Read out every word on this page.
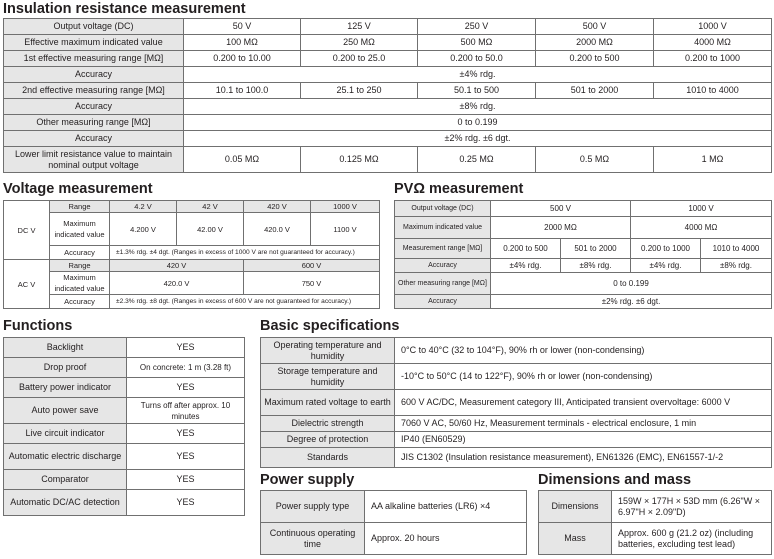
Insulation resistance measurement
Output voltage (DC)	50 V	125 V	250 V	500 V	1000 V
Effective maximum indicated value	100 MΩ	250 MΩ	500 MΩ	2000 MΩ	4000 MΩ
1st effective measuring range [MΩ]	0.200 to 10.00	0.200 to 25.0	0.200 to 50.0	0.200 to 500	0.200 to 1000
Accuracy	±4% rdg.				
2nd effective measuring range [MΩ]	10.1 to 100.0	25.1 to 250	50.1 to 500	501 to 2000	1010 to 4000
Accuracy	±8% rdg.				
Other measuring range [MΩ]	0 to 0.199				
Accuracy	±2% rdg. ±6 dgt.				
Lower limit resistance value to maintain nominal output voltage	0.05 MΩ	0.125 MΩ	0.25 MΩ	0.5 MΩ	1 MΩ
Voltage measurement
DC V	Range	4.2 V	42 V	420 V	1000 V
	Maximum indicated value	4.200 V	42.00 V	420.0 V	1100 V
	Accuracy	±1.3% rdg. ±4 dgt. (Ranges in excess of 1000 V are not guaranteed for accuracy.)			
AC V	Range	420 V		600 V	
	Maximum indicated value	420.0 V		750 V	
	Accuracy	±2.3% rdg. ±8 dgt. (Ranges in excess of 600 V are not guaranteed for accuracy.)			
PVΩ measurement
Output voltage (DC)	500 V		1000 V	
Maximum indicated value	2000 MΩ		4000 MΩ	
Measurement range [MΩ]	0.200 to 500	501 to 2000	0.200 to 1000	1010 to 4000
Accuracy	±4% rdg.	±8% rdg.	±4% rdg.	±8% rdg.
Other measuring range [MΩ]	0 to 0.199			
Accuracy	±2% rdg. ±6 dgt.			
Functions
Backlight	YES
Drop proof	On concrete: 1 m (3.28 ft)
Battery power indicator	YES
Auto power save	Turns off after approx. 10 minutes
Live circuit indicator	YES
Automatic electric discharge	YES
Comparator	YES
Automatic DC/AC detection	YES
Basic specifications
Operating temperature and humidity	0°C to 40°C (32 to 104°F), 90% rh or lower (non-condensing)
Storage temperature and humidity	-10°C to 50°C (14 to 122°F), 90% rh or lower (non-condensing)
Maximum rated voltage to earth	600 V AC/DC, Measurement category III, Anticipated transient overvoltage: 6000 V
Dielectric strength	7060 V AC, 50/60 Hz, Measurement terminals - electrical enclosure, 1 min
Degree of protection	IP40 (EN60529)
Standards	JIS C1302 (Insulation resistance measurement), EN61326 (EMC), EN61557-1/-2
Power supply
Power supply type	AA alkaline batteries (LR6) ×4
Continuous operating time	Approx. 20 hours
Dimensions and mass
Dimensions	159W × 177H × 53D mm (6.26"W × 6.97"H × 2.09"D)
Mass	Approx. 600 g (21.2 oz) (including batteries, excluding test lead)
